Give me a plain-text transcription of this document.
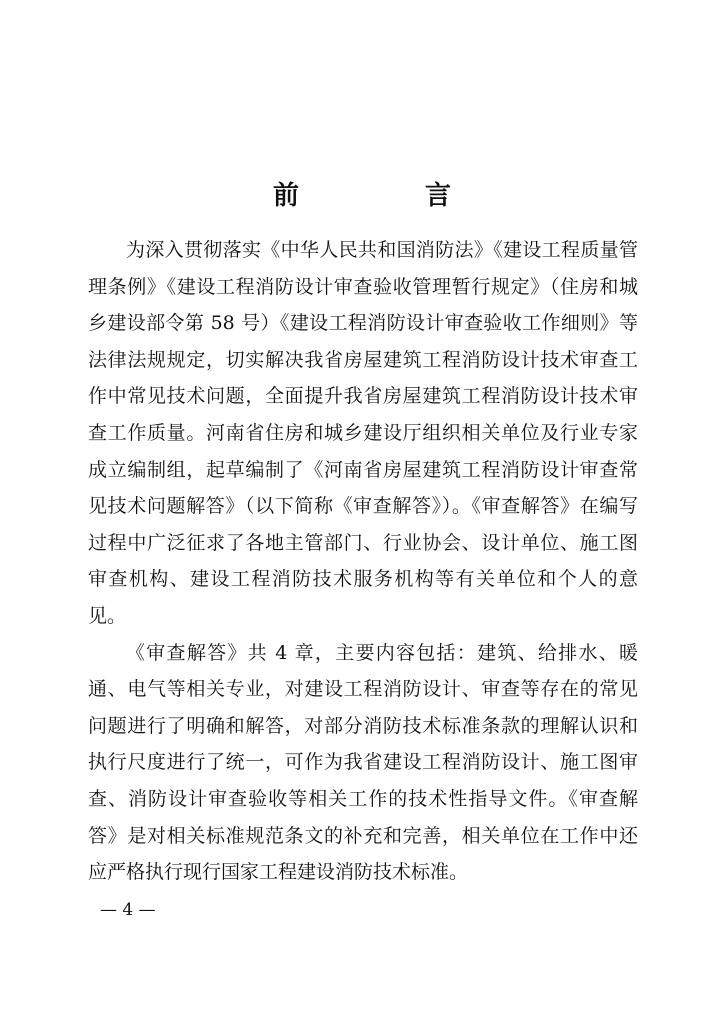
前　言

为深入贯彻落实《中华人民共和国消防法》《建设工程质量管理条例》《建设工程消防设计审查验收管理暂行规定》（住房和城乡建设部令第 58 号）《建设工程消防设计审查验收工作细则》等法律法规规定，切实解决我省房屋建筑工程消防设计技术审查工作中常见技术问题，全面提升我省房屋建筑工程消防设计技术审查工作质量。河南省住房和城乡建设厅组织相关单位及行业专家成立编制组，起草编制了《河南省房屋建筑工程消防设计审查常见技术问题解答》（以下简称《审查解答》）。《审查解答》在编写过程中广泛征求了各地主管部门、行业协会、设计单位、施工图审查机构、建设工程消防技术服务机构等有关单位和个人的意见。

《审查解答》共 4 章，主要内容包括：建筑、给排水、暖通、电气等相关专业，对建设工程消防设计、审查等存在的常见问题进行了明确和解答，对部分消防技术标准条款的理解认识和执行尺度进行了统一，可作为我省建设工程消防设计、施工图审查、消防设计审查验收等相关工作的技术性指导文件。《审查解答》是对相关标准规范条文的补充和完善，相关单位在工作中还应严格执行现行国家工程建设消防技术标准。

— 4 —
